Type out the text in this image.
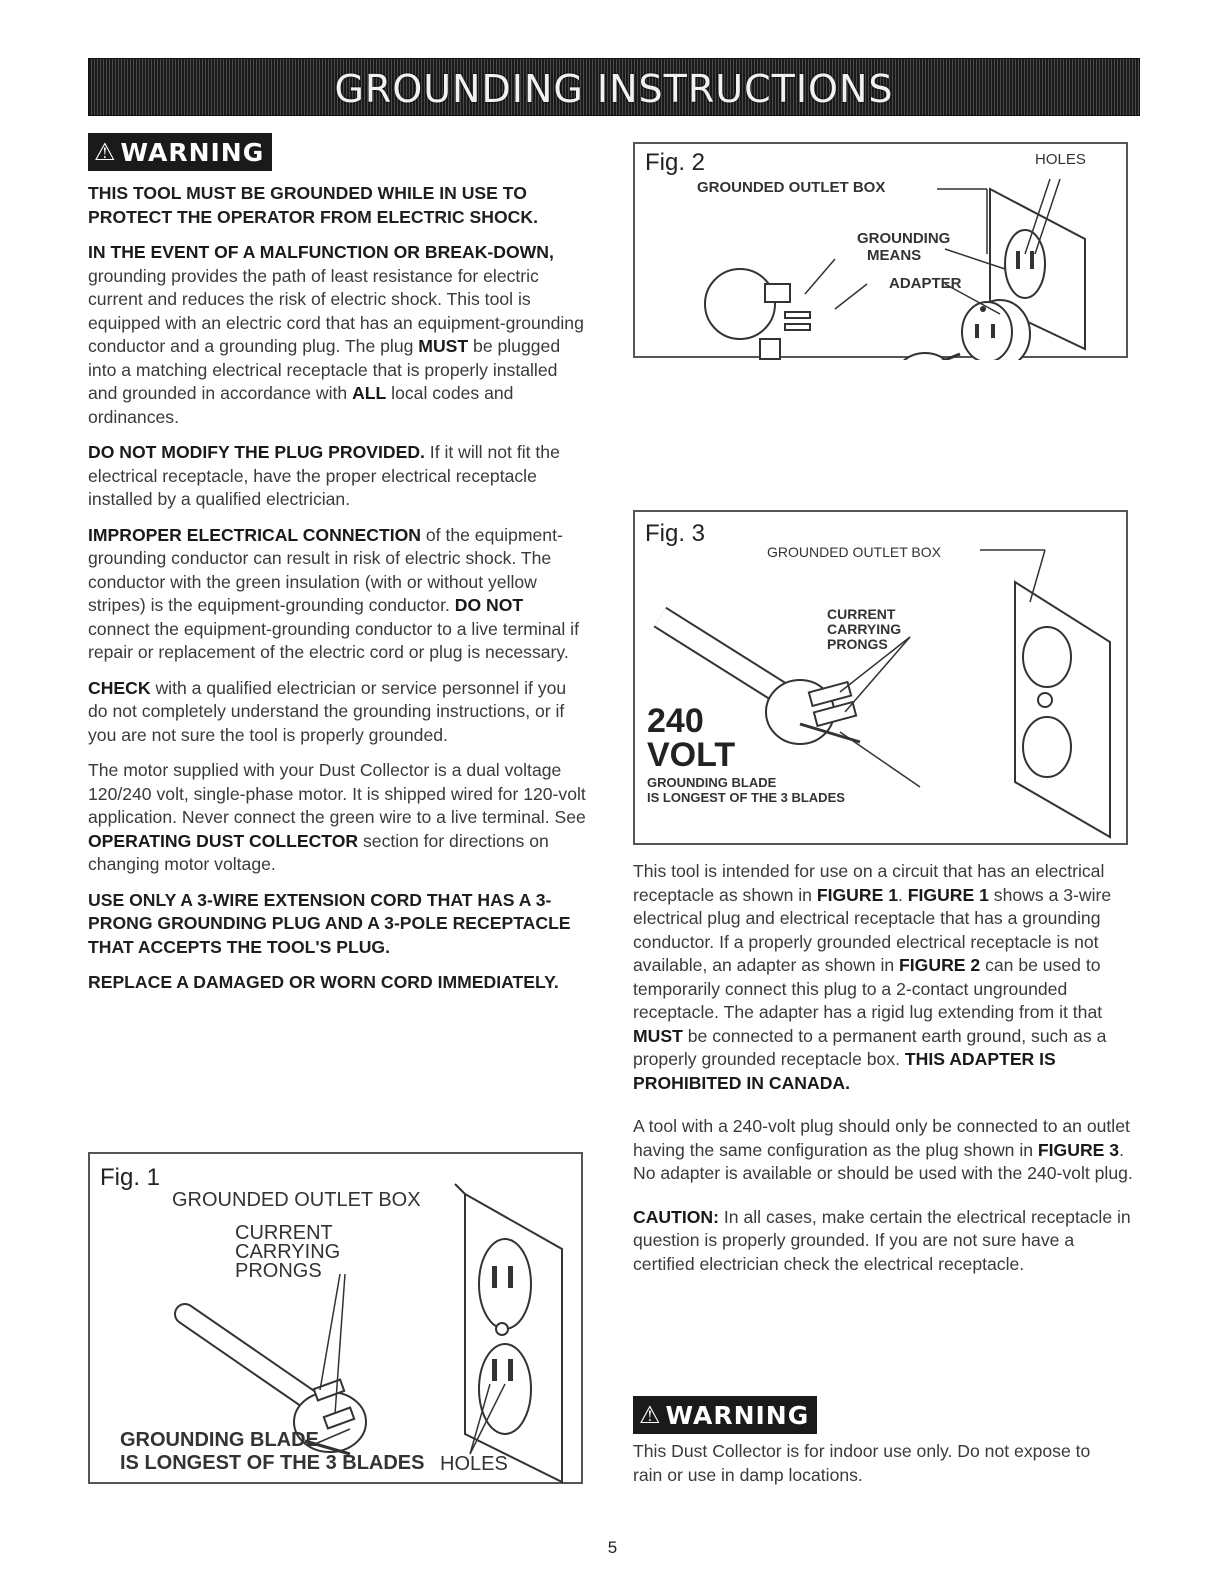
GROUNDING INSTRUCTIONS
⚠ WARNING

THIS TOOL MUST BE GROUNDED WHILE IN USE TO PROTECT THE OPERATOR FROM ELECTRIC SHOCK.

IN THE EVENT OF A MALFUNCTION OR BREAK-DOWN, grounding provides the path of least resistance for electric current and reduces the risk of electric shock. This tool is equipped with an electric cord that has an equipment-grounding conductor and a grounding plug. The plug MUST be plugged into a matching electrical receptacle that is properly installed and grounded in accordance with ALL local codes and ordinances.

DO NOT MODIFY THE PLUG PROVIDED. If it will not fit the electrical receptacle, have the proper electrical receptacle installed by a qualified electrician.

IMPROPER ELECTRICAL CONNECTION of the equipment-grounding conductor can result in risk of electric shock. The conductor with the green insulation (with or without yellow stripes) is the equipment-grounding conductor. DO NOT connect the equipment-grounding conductor to a live terminal if repair or replacement of the electric cord or plug is necessary.

CHECK with a qualified electrician or service personnel if you do not completely understand the grounding instructions, or if you are not sure the tool is properly grounded.

The motor supplied with your Dust Collector is a dual voltage 120/240 volt, single-phase motor. It is shipped wired for 120-volt application. Never connect the green wire to a live terminal. See OPERATING DUST COLLECTOR section for directions on changing motor voltage.

USE ONLY A 3-WIRE EXTENSION CORD THAT HAS A 3-PRONG GROUNDING PLUG AND A 3-POLE RECEPTACLE THAT ACCEPTS THE TOOL'S PLUG.

REPLACE A DAMAGED OR WORN CORD IMMEDIATELY.

Fig. 1
GROUNDED OUTLET BOX
CURRENT CARRYING PRONGS
GROUNDING BLADE
IS LONGEST OF THE 3 BLADES HOLES
Fig. 2	HOLES
GROUNDED OUTLET BOX
GROUNDING
MEANS
ADAPTER
Fig. 3
GROUNDED OUTLET BOX
CURRENT CARRYING PRONGS
240
VOLT
GROUNDING BLADE
IS LONGEST OF THE 3 BLADES

This tool is intended for use on a circuit that has an electrical receptacle as shown in FIGURE 1. FIGURE 1 shows a 3-wire electrical plug and electrical receptacle that has a grounding conductor. If a properly grounded electrical receptacle is not available, an adapter as shown in FIGURE 2 can be used to temporarily connect this plug to a 2-contact ungrounded receptacle. The adapter has a rigid lug extending from it that MUST be connected to a permanent earth ground, such as a properly grounded receptacle box. THIS ADAPTER IS PROHIBITED IN CANADA.

A tool with a 240-volt plug should only be connected to an outlet having the same configuration as the plug shown in FIGURE 3. No adapter is available or should be used with the 240-volt plug.

CAUTION: In all cases, make certain the electrical receptacle in question is properly grounded. If you are not sure have a certified electrician check the electrical receptacle.

⚠ WARNING

This Dust Collector is for indoor use only. Do not expose to rain or use in damp locations.

5
